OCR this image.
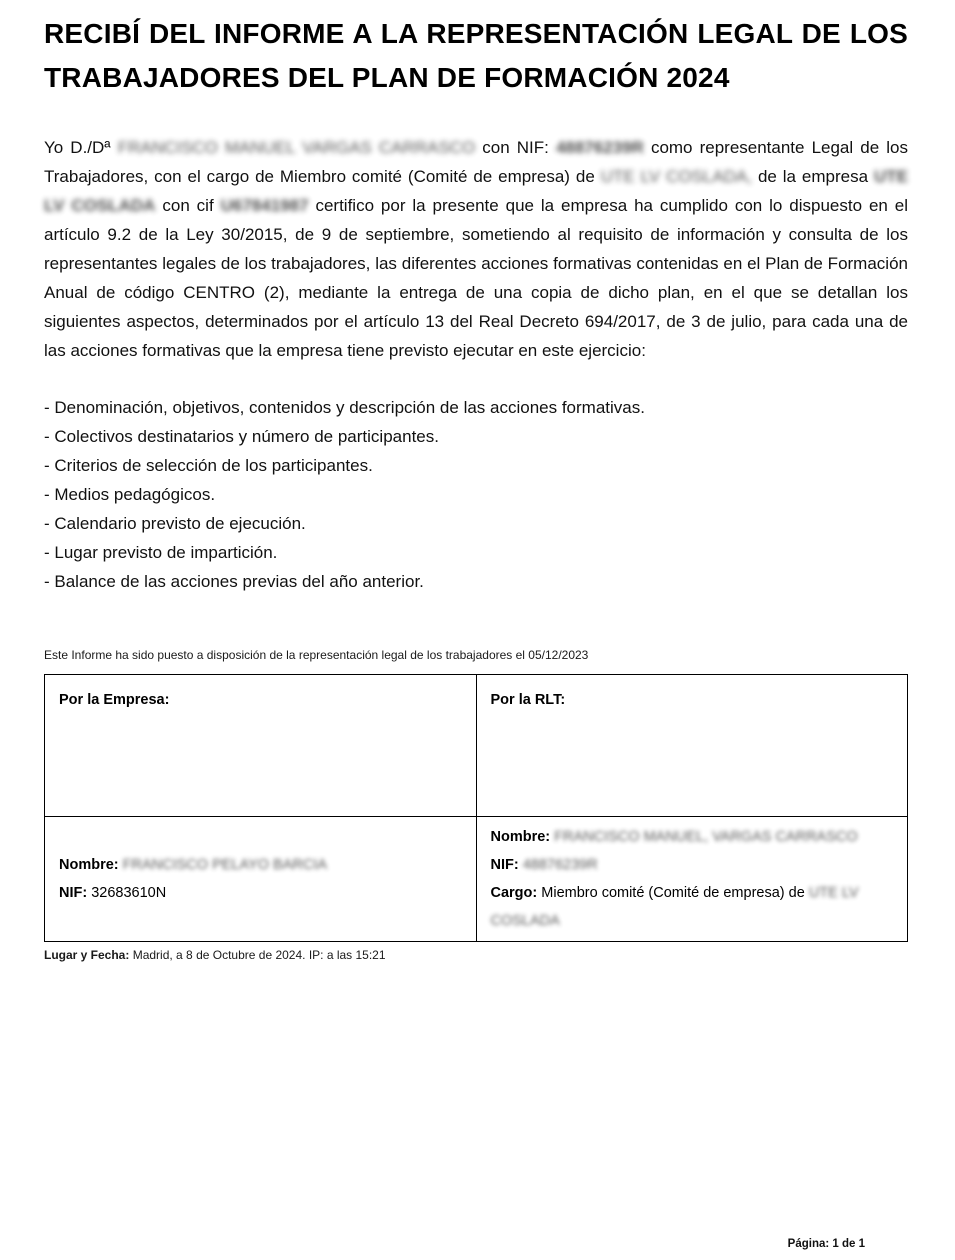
RECIBÍ DEL INFORME A LA REPRESENTACIÓN LEGAL DE LOS TRABAJADORES DEL PLAN DE FORMACIÓN 2024

Yo D./Dª FRANCISCO MANUEL VARGAS CARRASCO con NIF: 48876239R como representante Legal de los Trabajadores, con el cargo de Miembro comité (Comité de empresa) de UTE LV COSLADA, de la empresa UTE LV COSLADA con cif U67841987 certifico por la presente que la empresa ha cumplido con lo dispuesto en el artículo 9.2 de la Ley 30/2015, de 9 de septiembre, sometiendo al requisito de información y consulta de los representantes legales de los trabajadores, las diferentes acciones formativas contenidas en el Plan de Formación Anual de código CENTRO (2), mediante la entrega de una copia de dicho plan, en el que se detallan los siguientes aspectos, determinados por el artículo 13 del Real Decreto 694/2017, de 3 de julio, para cada una de las acciones formativas que la empresa tiene previsto ejecutar en este ejercicio:

- Denominación, objetivos, contenidos y descripción de las acciones formativas.
- Colectivos destinatarios y número de participantes.
- Criterios de selección de los participantes.
- Medios pedagógicos.
- Calendario previsto de ejecución.
- Lugar previsto de impartición.
- Balance de las acciones previas del año anterior.

Este Informe ha sido puesto a disposición de la representación legal de los trabajadores el 05/12/2023

Por la Empresa:	Por la RLT:

Nombre: FRANCISCO PELAYO BARCIA
NIF: 32683610N

Nombre: FRANCISCO MANUEL, VARGAS CARRASCO
NIF: 48876239R
Cargo: Miembro comité (Comité de empresa) de UTE LV COSLADA

Lugar y Fecha: Madrid, a 8 de Octubre de 2024. IP: a las 15:21

Página: 1 de 1
